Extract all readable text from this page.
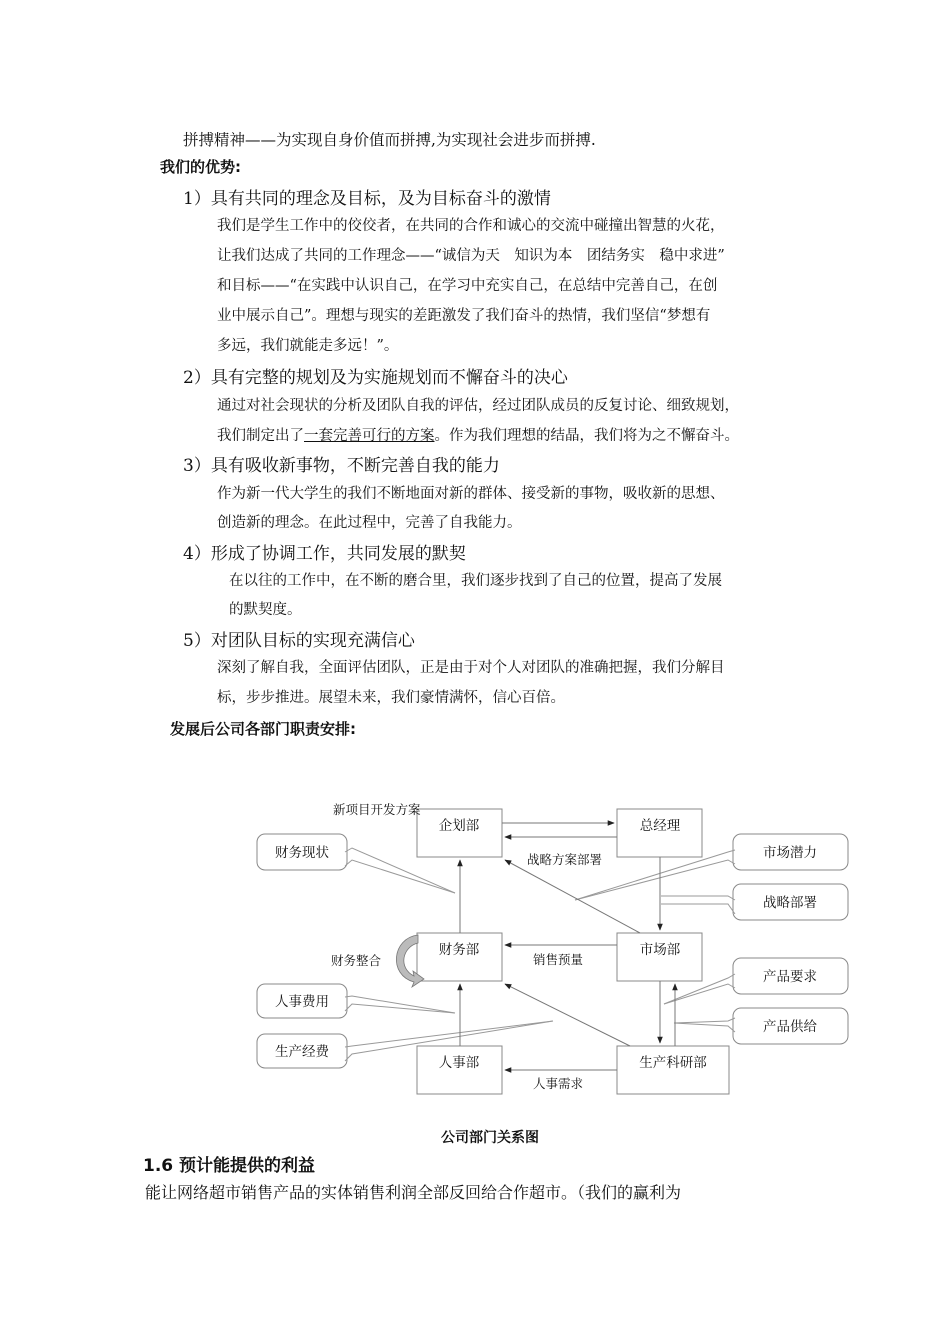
拼搏精神——为实现自身价值而拼搏,为实现社会进步而拼搏.
我们的优势:
1）具有共同的理念及目标，及为目标奋斗的激情
我们是学生工作中的佼佼者，在共同的合作和诚心的交流中碰撞出智慧的火花，
让我们达成了共同的工作理念——“诚信为天　知识为本　团结务实　稳中求进”
和目标——“在实践中认识自己，在学习中充实自己，在总结中完善自己，在创
业中展示自己”。理想与现实的差距激发了我们奋斗的热情，我们坚信“梦想有
多远，我们就能走多远！”。
2）具有完整的规划及为实施规划而不懈奋斗的决心
通过对社会现状的分析及团队自我的评估，经过团队成员的反复讨论、细致规划，
我们制定出了一套完善可行的方案。作为我们理想的结晶，我们将为之不懈奋斗。
3）具有吸收新事物，不断完善自我的能力
作为新一代大学生的我们不断地面对新的群体、接受新的事物，吸收新的思想、
创造新的理念。在此过程中，完善了自我能力。
4）形成了协调工作，共同发展的默契
在以往的工作中，在不断的磨合里，我们逐步找到了自己的位置，提高了发展
的默契度。
5）对团队目标的实现充满信心
深刻了解自我，全面评估团队，正是由于对个人对团队的准确把握，我们分解目
标，步步推进。展望未来，我们豪情满怀，信心百倍。
发展后公司各部门职责安排:
企划部	总经理
财务部	市场部
人事部	生产科研部
财务现状	市场潜力
战略部署
产品要求
产品供给
人事费用
生产经费
新项目开发方案
战略方案部署
财务整合	销售预量
人事需求
公司部门关系图
1.6 预计能提供的利益
能让网络超市销售产品的实体销售利润全部反回给合作超市。（我们的赢利为
